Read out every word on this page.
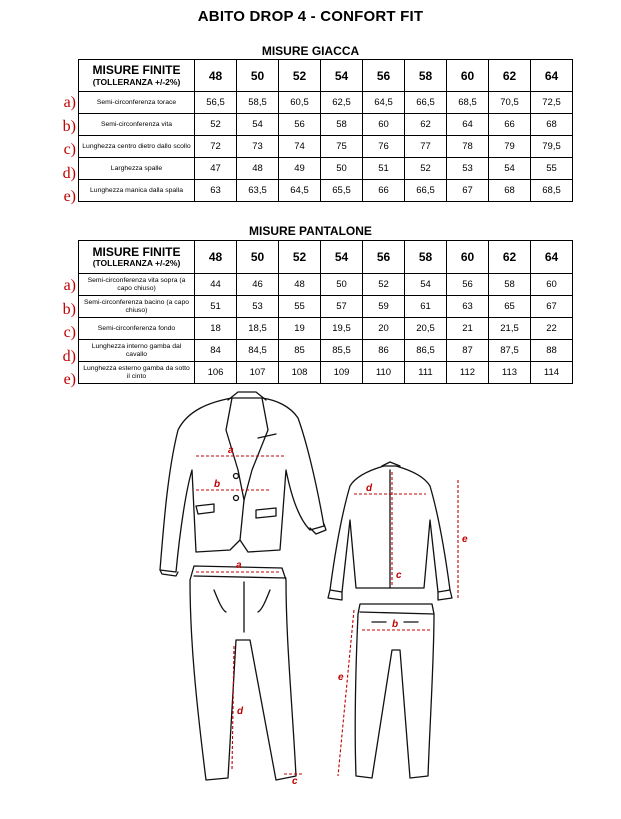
ABITO DROP 4 - CONFORT FIT
MISURE GIACCA
a)
b)
c)
d)
e)
MISURE FINITE
(TOLLERANZA +/-2%)	48	50	52	54	56	58	60	62	64
Semi-circonferenza torace	56,5	58,5	60,5	62,5	64,5	66,5	68,5	70,5	72,5
Semi-circonferenza vita	52	54	56	58	60	62	64	66	68
Lunghezza centro dietro dallo scollo	72	73	74	75	76	77	78	79	79,5
Larghezza spalle	47	48	49	50	51	52	53	54	55
Lunghezza manica dalla spalla	63	63,5	64,5	65,5	66	66,5	67	68	68,5
MISURE PANTALONE
a)
b)
c)
d)
e)
MISURE FINITE
(TOLLERANZA +/-2%)	48	50	52	54	56	58	60	62	64
Semi-circonferenza vita sopra (a capo chiuso)	44	46	48	50	52	54	56	58	60
Semi-circonferenza bacino (a capo chiuso)	51	53	55	57	59	61	63	65	67
Semi-circonferenza fondo	18	18,5	19	19,5	20	20,5	21	21,5	22
Lunghezza interno gamba dal cavallo	84	84,5	85	85,5	86	86,5	87	87,5	88
Lunghezza esterno gamba da sotto il cinto	106	107	108	109	110	111	112	113	114
a
b	d
c
e
a
d
c
b
e
